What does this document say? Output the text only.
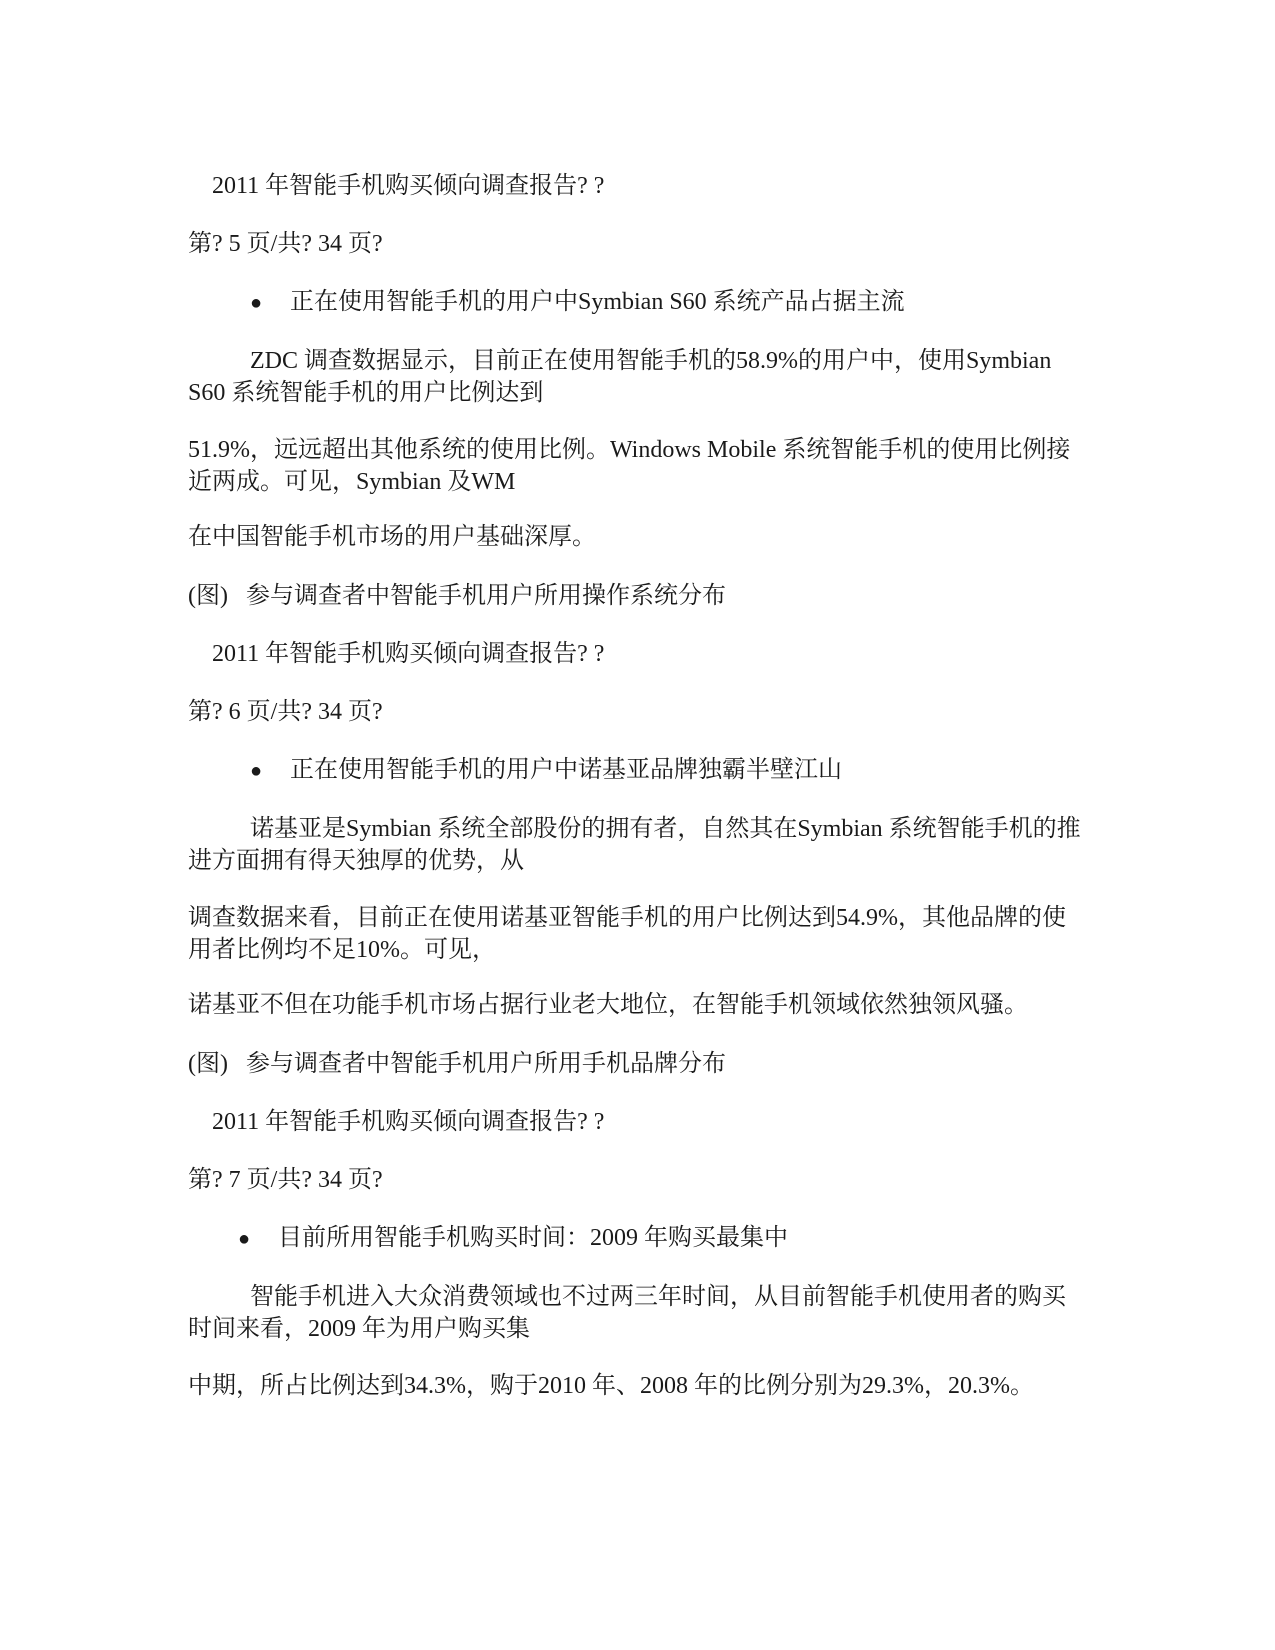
2011 年智能手机购买倾向调查报告? ?

第? 5 页/共? 34 页?

● 正在使用智能手机的用户中Symbian S60 系统产品占据主流

ZDC 调查数据显示，目前正在使用智能手机的58.9%的用户中，使用Symbian S60 系统智能手机的用户比例达到

51.9%，远远超出其他系统的使用比例。Windows Mobile 系统智能手机的使用比例接近两成。可见，Symbian 及WM

在中国智能手机市场的用户基础深厚。

(图)   参与调查者中智能手机用户所用操作系统分布

2011 年智能手机购买倾向调查报告? ?

第? 6 页/共? 34 页?

● 正在使用智能手机的用户中诺基亚品牌独霸半壁江山

诺基亚是Symbian 系统全部股份的拥有者，自然其在Symbian 系统智能手机的推进方面拥有得天独厚的优势，从

调查数据来看，目前正在使用诺基亚智能手机的用户比例达到54.9%，其他品牌的使用者比例均不足10%。可见，

诺基亚不但在功能手机市场占据行业老大地位，在智能手机领域依然独领风骚。

(图)   参与调查者中智能手机用户所用手机品牌分布

2011 年智能手机购买倾向调查报告? ?

第? 7 页/共? 34 页?

● 目前所用智能手机购买时间：2009 年购买最集中

智能手机进入大众消费领域也不过两三年时间，从目前智能手机使用者的购买时间来看，2009 年为用户购买集

中期，所占比例达到34.3%，购于2010 年、2008 年的比例分别为29.3%，20.3%。
